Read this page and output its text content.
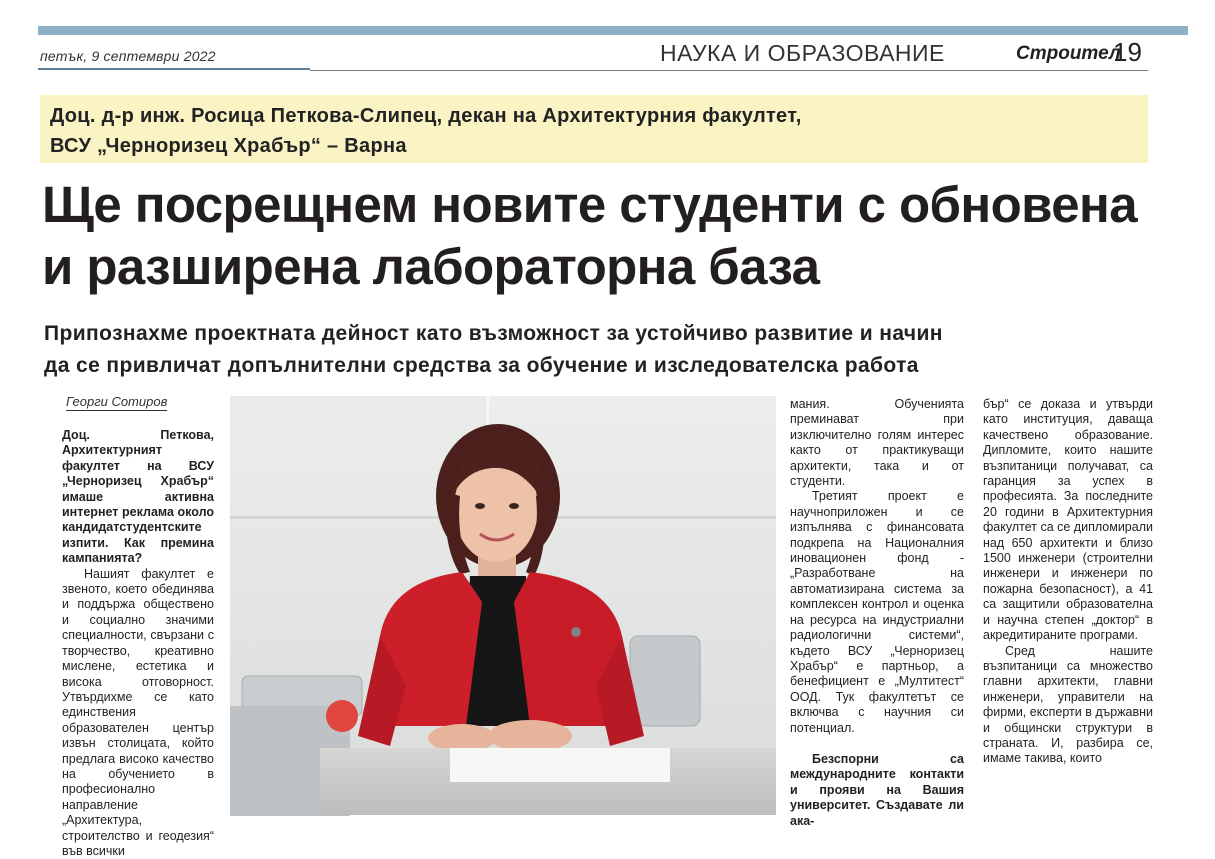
петък, 9 септември 2022	НАУКА И ОБРАЗОВАНИЕ	Строител
19
Доц. д-р инж. Росица Петкова-Слипец, декан на Архитектурния факултет,
ВСУ „Черноризец Храбър“ – Варна
Ще посрещнем новите студенти с обновена
и разширена лабораторна база
Припознахме проектната дейност като възможност за устойчиво развитие и начин
да се привличат допълнителни средства за обучение и изследователска работа
Георги Сотиров

Доц. Петкова, Архитектурният факултет на ВСУ „Черноризец Храбър“ имаше активна интернет реклама около кандидатстудентските изпити. Как премина кампанията?

Нашият факултет е звеното, което обединява и поддържа обществено и социално значими специалности, свързани с творчество, креативно мислене, естетика и висока отговорност. Утвърдихме се като единствения образователен център извън столицата, който предлага високо качество на обучението в професионално направление „Архитектура, строителство и геодезия“ във всички

мания. Обученията преминават при изключително голям интерес както от практикуващи архитекти, така и от студенти.

Третият проект е научноприложен и се изпълнява с финансовата подкрепа на Националния иновационен фонд - „Разработване на автоматизирана система за комплексен контрол и оценка на ресурса на индустриални радиологични системи“, където ВСУ „Черноризец Храбър“ е партньор, а бенефициент е „Мултитест“ ООД. Тук факултетът се включва с научния си потенциал.

Безспорни са международните контакти и прояви на Вашия университет. Създавате ли ака-

бър“ се доказа и утвърди като институция, даваща качествено образование. Дипломите, които нашите възпитаници получават, са гаранция за успех в професията. За последните 20 години в Архитектурния факултет са се дипломирали над 650 архитекти и близо 1500 инженери (строителни инженери и инженери по пожарна безопасност), а 41 са защитили образователна и научна степен „доктор“ в акредитираните програми.

Сред нашите възпитаници са множество главни архитекти, главни инженери, управители на фирми, експерти в държавни и общински структури в страната. И, разбира се, имаме такива, които
